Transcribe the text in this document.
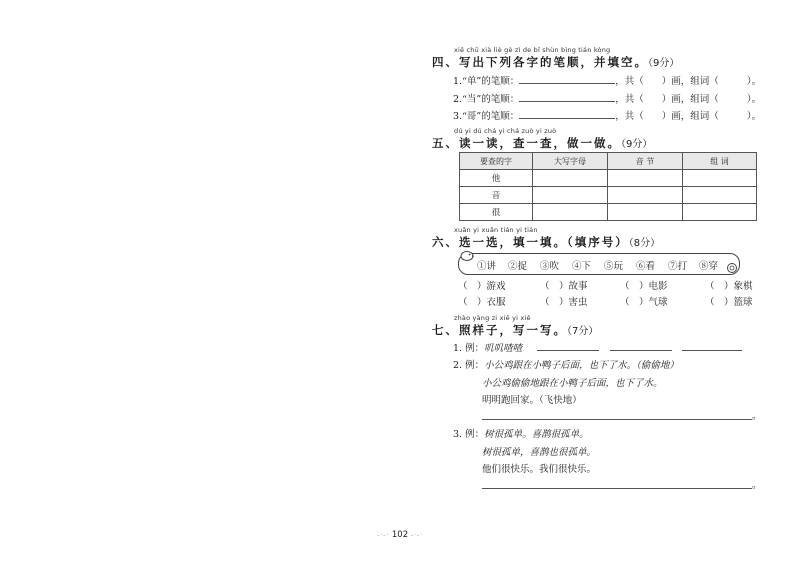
xiě chū xià liè gè zì de bǐ shùn bìng tián kòng
四、写出下列各字的笔顺，并填空。（9分）
1.“单”的笔顺：	，共（ ）画，组词（	）。
2.“当”的笔顺：	，共（ ）画，组词（	）。
3.“哥”的笔顺：	，共（ ）画，组词（	）。
dú yi dú chá yi chá zuò yi zuò
五、读一读，查一查，做一做。（9分）
要查的字	大写字母	音 节	组 词
他			
音			
很			
xuǎn yi xuǎn tián yi tián
六、选一选，填一填。（填序号）（8分）
①讲 ②捉 ③吹 ④下 ⑤玩 ⑥看 ⑦打 ⑧穿
（　）游戏	（　）故事	（　）电影	（　）象棋
（　）衣服	（　）害虫	（　）气球	（　）篮球
zhào yàng zi xiě yi xiě
七、照样子，写一写。（7分）
1. 例：叽叽喳喳
2. 例：小公鸡跟在小鸭子后面，也下了水。（偷偷地）
小公鸡偷偷地跟在小鸭子后面，也下了水。
明明跑回家。（飞快地）
。
3. 例：树很孤单。喜鹊很孤单。
树很孤单，喜鹊也很孤单。
他们很快乐。我们很快乐。
。
-·-· 102 -·-·
